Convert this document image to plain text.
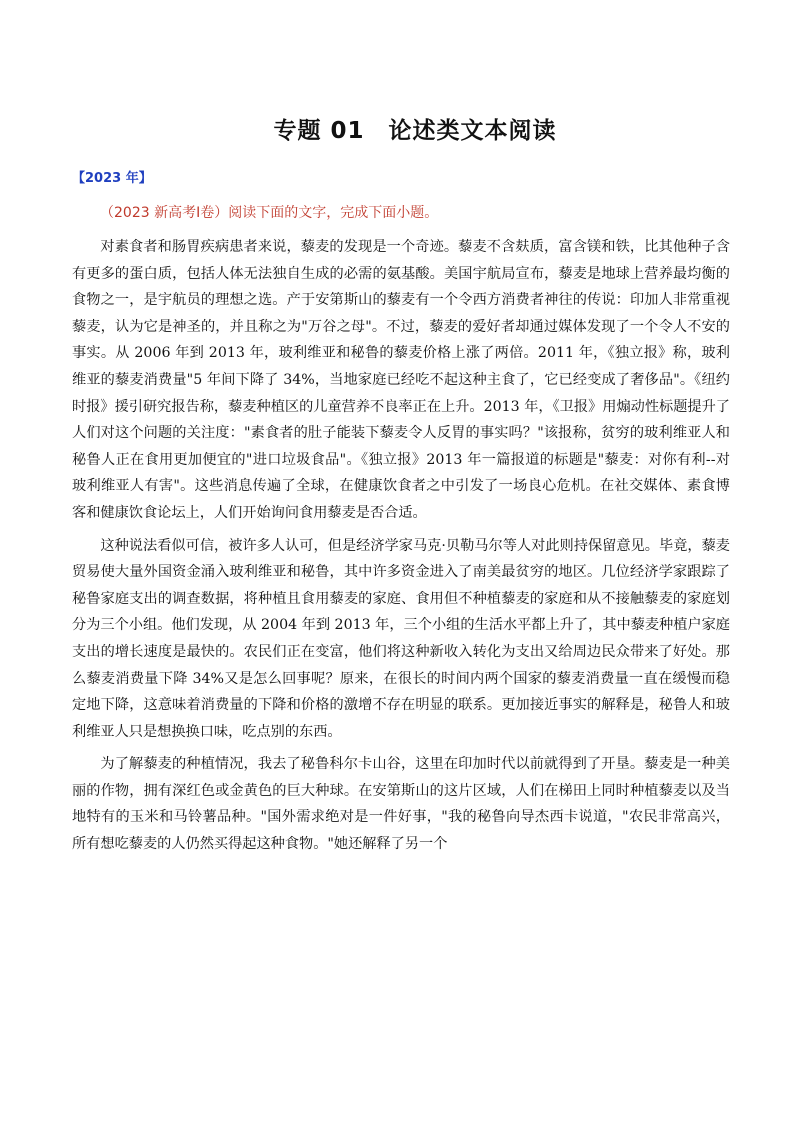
专题 01　论述类文本阅读
【2023 年】
（2023 新高考Ⅰ卷）阅读下面的文字，完成下面小题。

对素食者和肠胃疾病患者来说，藜麦的发现是一个奇迹。藜麦不含麸质，富含镁和铁，比其他种子含有更多的蛋白质，包括人体无法独自生成的必需的氨基酸。美国宇航局宣布，藜麦是地球上营养最均衡的食物之一，是宇航员的理想之选。产于安第斯山的藜麦有一个令西方消费者神往的传说：印加人非常重视藜麦，认为它是神圣的，并且称之为"万谷之母"。不过，藜麦的爱好者却通过媒体发现了一个令人不安的事实。从 2006 年到 2013 年，玻利维亚和秘鲁的藜麦价格上涨了两倍。2011 年，《独立报》称，玻利维亚的藜麦消费量"5 年间下降了 34%，当地家庭已经吃不起这种主食了，它已经变成了奢侈品"。《纽约时报》援引研究报告称，藜麦种植区的儿童营养不良率正在上升。2013 年，《卫报》用煽动性标题提升了人们对这个问题的关注度："素食者的肚子能装下藜麦令人反胃的事实吗？"该报称，贫穷的玻利维亚人和秘鲁人正在食用更加便宜的"进口垃圾食品"。《独立报》2013 年一篇报道的标题是"藜麦：对你有利--对玻利维亚人有害"。这些消息传遍了全球，在健康饮食者之中引发了一场良心危机。在社交媒体、素食博客和健康饮食论坛上，人们开始询问食用藜麦是否合适。

这种说法看似可信，被许多人认可，但是经济学家马克·贝勒马尔等人对此则持保留意见。毕竟，藜麦贸易使大量外国资金涌入玻利维亚和秘鲁，其中许多资金进入了南美最贫穷的地区。几位经济学家跟踪了秘鲁家庭支出的调查数据，将种植且食用藜麦的家庭、食用但不种植藜麦的家庭和从不接触藜麦的家庭划分为三个小组。他们发现，从 2004 年到 2013 年，三个小组的生活水平都上升了，其中藜麦种植户家庭支出的增长速度是最快的。农民们正在变富，他们将这种新收入转化为支出又给周边民众带来了好处。那么藜麦消费量下降 34%又是怎么回事呢？原来，在很长的时间内两个国家的藜麦消费量一直在缓慢而稳定地下降，这意味着消费量的下降和价格的激增不存在明显的联系。更加接近事实的解释是，秘鲁人和玻利维亚人只是想换换口味，吃点别的东西。

为了解藜麦的种植情况，我去了秘鲁科尔卡山谷，这里在印加时代以前就得到了开垦。藜麦是一种美丽的作物，拥有深红色或金黄色的巨大种球。在安第斯山的这片区域，人们在梯田上同时种植藜麦以及当地特有的玉米和马铃薯品种。"国外需求绝对是一件好事，"我的秘鲁向导杰西卡说道，"农民非常高兴，所有想吃藜麦的人仍然买得起这种食物。"她还解释了另一个
